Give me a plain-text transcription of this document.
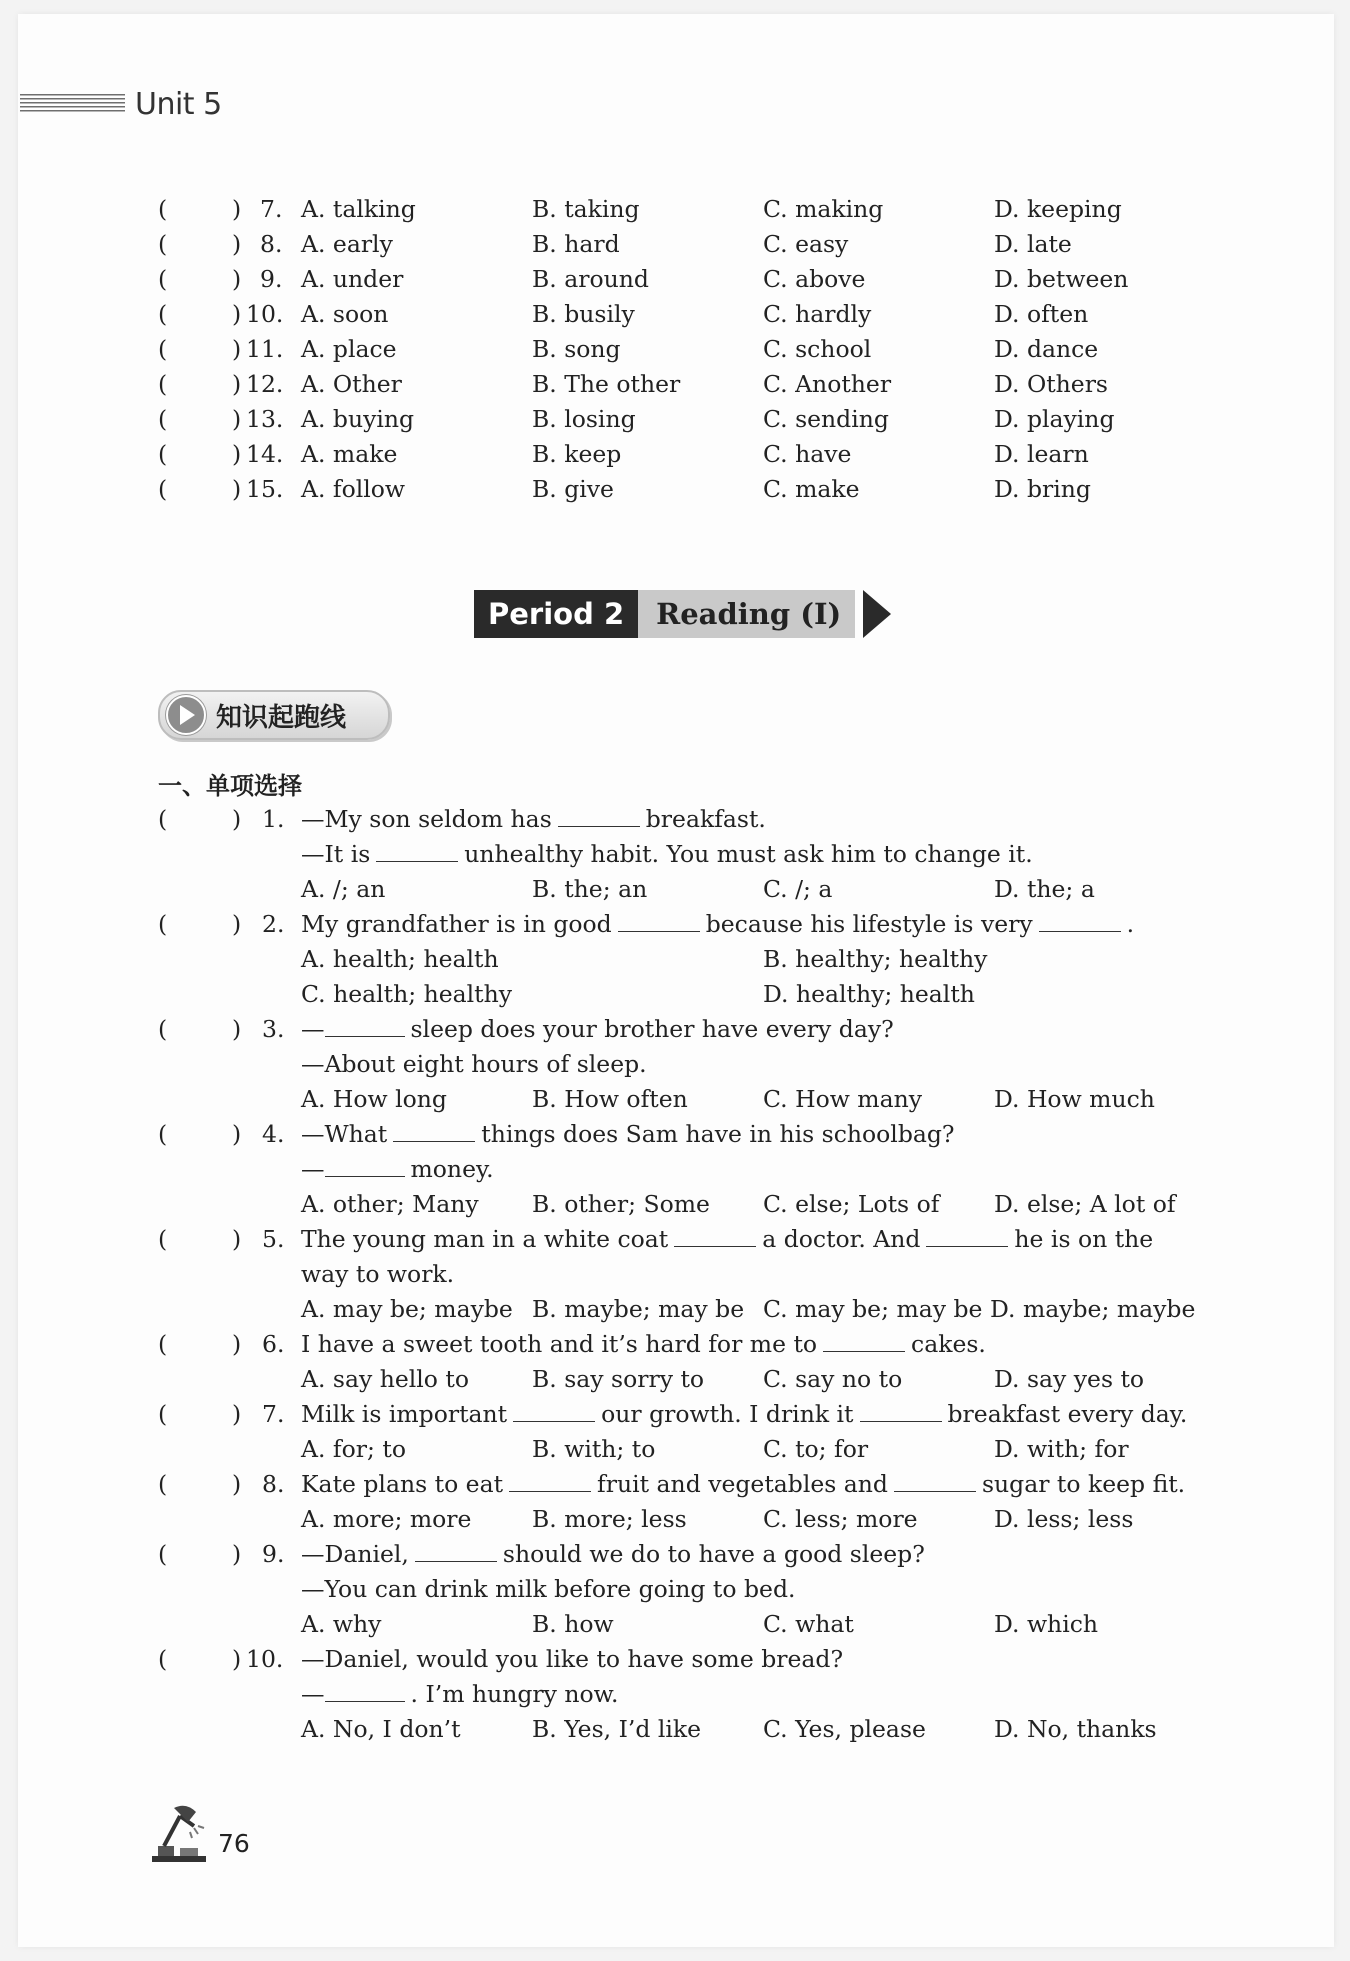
Unit 5
(	) 7. A. talking	B. taking	C. making	D. keeping
(	) 8. A. early	B. hard	C. easy	D. late
(	) 9. A. under	B. around	C. above	D. between
(	) 10. A. soon	B. busily	C. hardly	D. often
(	) 11. A. place	B. song	C. school	D. dance
(	) 12. A. Other	B. The other	C. Another	D. Others
(	) 13. A. buying	B. losing	C. sending	D. playing
(	) 14. A. make	B. keep	C. have	D. learn
(	) 15. A. follow	B. give	C. make	D. bring
Period 2	Reading (I)
知识起跑线
一、单项选择
(	) 1. —My son seldom has	breakfast.
—It is	unhealthy habit. You must ask him to change it.
A. /; an	B. the; an	C. /; a	D. the; a
(	) 2. My grandfather is in good	because his lifestyle is very	.
A. health; health	B. healthy; healthy
C. health; healthy	D. healthy; health
(	) 3. —	sleep does your brother have every day?
—About eight hours of sleep.
A. How long	B. How often	C. How many	D. How much
(	) 4. —What	things does Sam have in his schoolbag?
—	money.
A. other; Many B. other; Some C. else; Lots of D. else; A lot of
(	) 5. The young man in a white coat	a doctor. And	he is on the
way to work.
A. may be; maybe B. maybe; may be C. may be; may be D. maybe; maybe
(	) 6. I have a sweet tooth and it’s hard for me to	cakes.
A. say hello to	B. say sorry to	C. say no to	D. say yes to
(	) 7. Milk is important	our growth. I drink it	breakfast every day.
A. for; to	B. with; to	C. to; for	D. with; for
(	) 8. Kate plans to eat	fruit and vegetables and	sugar to keep fit.
A. more; more	B. more; less	C. less; more	D. less; less
(	) 9. —Daniel,	should we do to have a good sleep?
—You can drink milk before going to bed.
A. why	B. how	C. what	D. which
(	) 10. —Daniel, would you like to have some bread?
—	. I’m hungry now.
A. No, I don’t	B. Yes, I’d like	C. Yes, please	D. No, thanks
76
